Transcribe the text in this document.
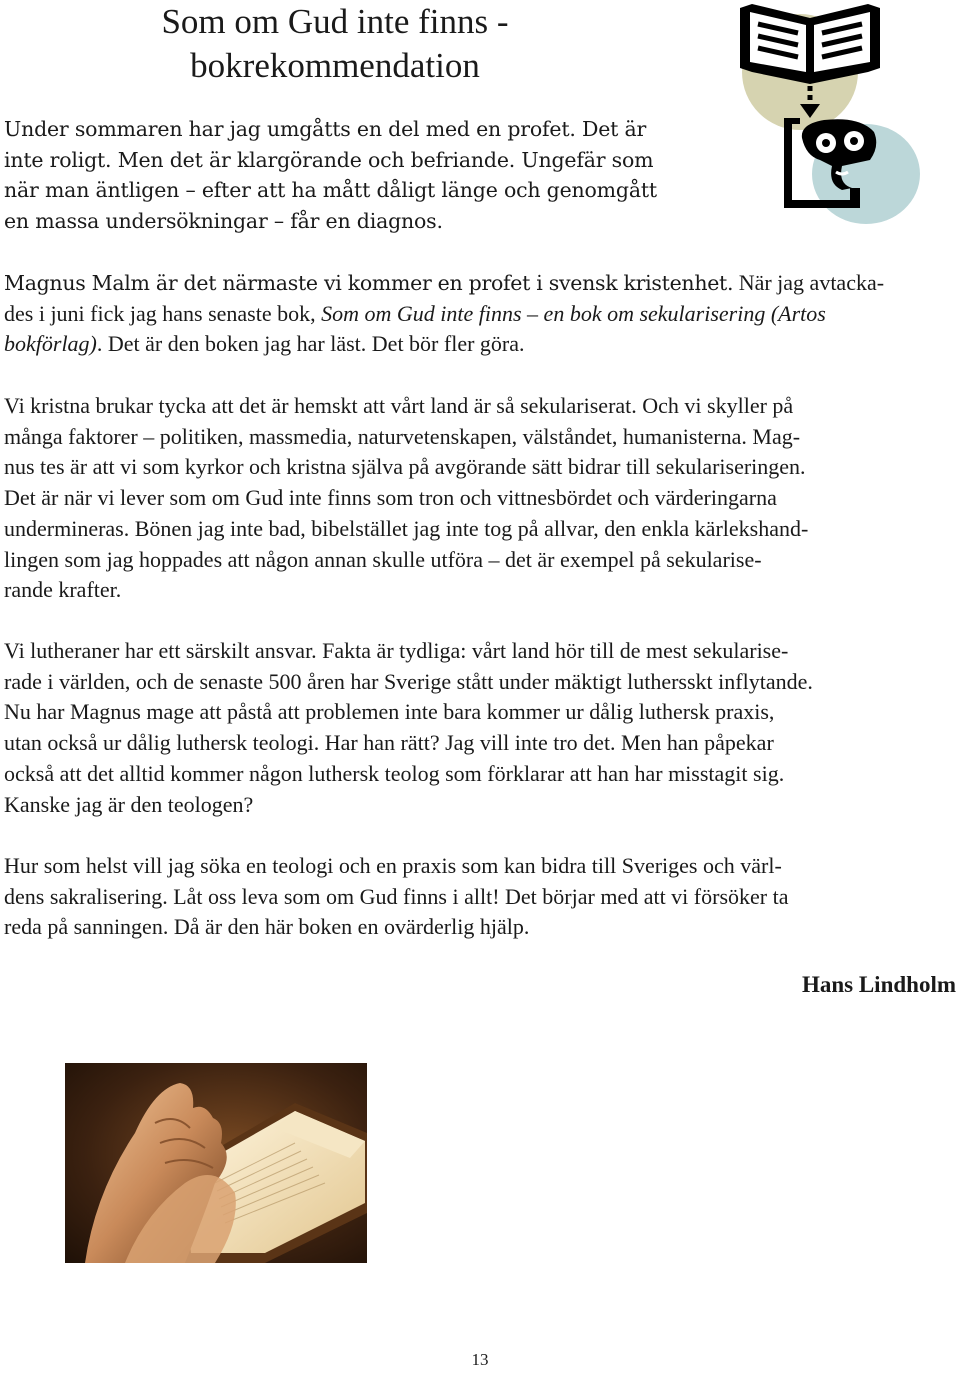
Som om Gud inte finns -
bokrekommendation
Under sommaren har jag umgåtts en del med en profet. Det är
inte roligt. Men det är klargörande och befriande. Ungefär som
när man äntligen – efter att ha mått dåligt länge och genomgått
en massa undersökningar – får en diagnos.

Magnus Malm är det närmaste vi kommer en profet i svensk kristenhet. När jag avtacka-
des i juni fick jag hans senaste bok, Som om Gud inte finns – en bok om sekularisering (Artos
bokförlag). Det är den boken jag har läst. Det bör fler göra.

Vi kristna brukar tycka att det är hemskt att vårt land är så sekulariserat. Och vi skyller på
många faktorer – politiken, massmedia, naturvetenskapen, välståndet, humanisterna. Mag-
nus tes är att vi som kyrkor och kristna själva på avgörande sätt bidrar till sekulariseringen.
Det är när vi lever som om Gud inte finns som tron och vittnesbördet och värderingarna
undermineras. Bönen jag inte bad, bibelstället jag inte tog på allvar, den enkla kärlekshand-
lingen som jag hoppades att någon annan skulle utföra – det är exempel på sekularise-
rande krafter.
Vi lutheraner har ett särskilt ansvar. Fakta är tydliga: vårt land hör till de mest sekularise-
rade i världen, och de senaste 500 åren har Sverige stått under mäktigt luthersskt inflytande.
Nu har Magnus mage att påstå att problemen inte bara kommer ur dålig luthersk praxis,
utan också ur dålig luthersk teologi. Har han rätt? Jag vill inte tro det. Men han påpekar
också att det alltid kommer någon luthersk teolog som förklarar att han har misstagit sig.
Kanske jag är den teologen?
Hur som helst vill jag söka en teologi och en praxis som kan bidra till Sveriges och värl-
dens sakralisering. Låt oss leva som om Gud finns i allt! Det börjar med att vi försöker ta
reda på sanningen. Då är den här boken en ovärderlig hjälp.

Hans Lindholm

13
